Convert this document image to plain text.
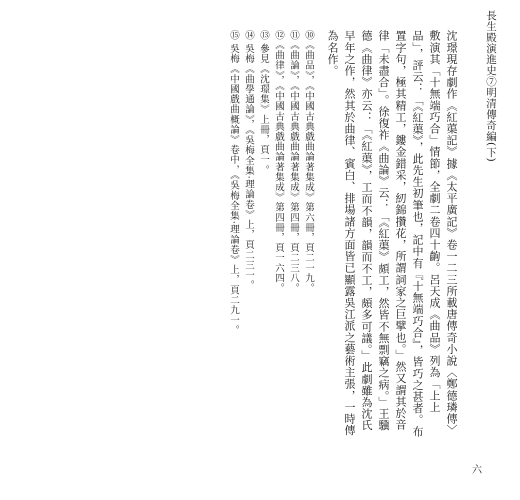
長生殿演進史⑦明清傳奇編(下)

沈璟現存劇作《紅蕖記》據《太平廣記》卷一二三所載唐傳奇小說〈鄭德璘傳〉敷演其「十無端巧合」情節，全劇二卷四十齣。呂天成《曲品》列為「上上品」，評云：「《紅蕖》，此先生初筆也，記中有『十無端巧合』，皆巧之甚者。布置字句，極其精工，鏤金錯采，紉錦攢花，所謂詞家之巨擘也。」然又謂其於音律「未盡合」。徐復祚《曲論》云：「《紅蕖》頗工，然皆不無剽竊之病。」王驥德《曲律》亦云：「《紅蕖》，工而不韻，韻而不工，頗多可議。」此劇雖為沈氏早年之作，然其於曲律、賓白、排場諸方面皆已顯露吳江派之藝術主張，一時傳為名作。

⑩《曲品》，《中國古典戲曲論著集成》第六冊，頁二一九。

⑪《曲論》，《中國古典戲曲論著集成》第四冊，頁二三八。

⑫《曲律》，《中國古典戲曲論著集成》第四冊，頁一六四。

⑬ 參見《沈璟集》上冊，頁一。

⑭ 吳梅《曲學通論》，《吳梅全集·理論卷》上，頁二三一。

⑮ 吳梅《中國戲曲概論》卷中，《吳梅全集·理論卷》上，頁二九一。

六
